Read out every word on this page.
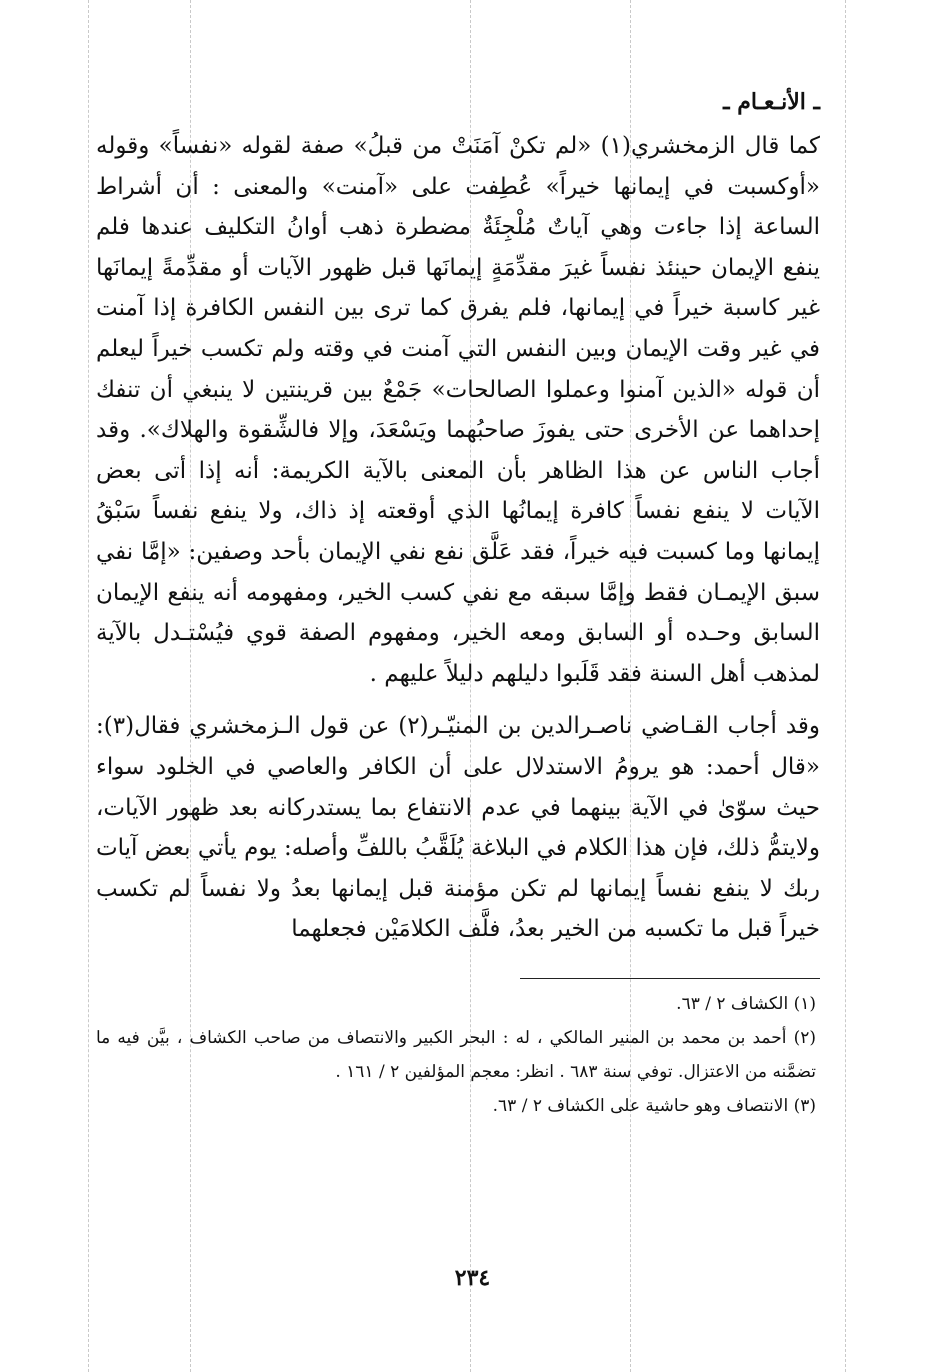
ـ الأنـعـام ـ

كما قال الزمخشري(١) «لم تكنْ آمَنَتْ من قبلُ» صفة لقوله «نفساً» وقوله «أوكسبت في إيمانها خيراً» عُطِفت على «آمنت» والمعنى : أن أشراط الساعة إذا جاءت وهي آياتٌ مُلْجِئَةٌ مضطرة ذهب أوانُ التكليف عندها فلم ينفع الإيمان حينئذ نفساً غيرَ مقدِّمَةٍ إيمانَها قبل ظهور الآيات أو مقدِّمةً إيمانَها غير كاسبة خيراً في إيمانها، فلم يفرق كما ترى بين النفس الكافرة إذا آمنت في غير وقت الإيمان وبين النفس التي آمنت في وقته ولم تكسب خيراً ليعلم أن قوله «الذين آمنوا وعملوا الصالحات» جَمْعٌ بين قرينتين لا ينبغي أن تنفك إحداهما عن الأخرى حتى يفوزَ صاحبُهما ويَسْعَدَ، وإلا فالشِّقوة والهلاك». وقد أجاب الناس عن هذا الظاهر بأن المعنى بالآية الكريمة: أنه إذا أتى بعض الآيات لا ينفع نفساً كافرة إيمانُها الذي أوقعته إذ ذاك، ولا ينفع نفساً سَبْقُ إيمانها وما كسبت فيه خيراً، فقد عَلَّق نفع نفي الإيمان بأحد وصفين: «إمَّا نفي سبق الإيمـان فقط وإمَّا سبقه مع نفي كسب الخير، ومفهومه أنه ينفع الإيمان السابق وحـده أو السابق ومعه الخير، ومفهوم الصفة قوي فيُسْتـدل بالآية لمذهب أهل السنة فقد قَلَبوا دليلهم دليلاً عليهم .

وقد أجاب القـاضي ناصـرالدين بن المنيّـر(٢) عن قول الـزمخشري فقال(٣): «قال أحمد: هو يرومُ الاستدلال على أن الكافر والعاصي في الخلود سواء حيث سوّىٰ في الآية بينهما في عدم الانتفاع بما يستدركانه بعد ظهور الآيات، ولايتمُّ ذلك، فإن هذا الكلام في البلاغة يُلَقَّبُ باللفِّ وأصله: يوم يأتي بعض آيات ربك لا ينفع نفساً إيمانها لم تكن مؤمنة قبل إيمانها بعدُ ولا نفساً لم تكسب خيراً قبل ما تكسبه من الخير بعدُ، فلَّف الكلامَيْن فجعلهما

(١) الكشاف ٢ / ٦٣.

(٢) أحمد بن محمد بن المنير المالكي ، له : البحر الكبير والانتصاف من صاحب الكشاف ، بيَّن فيه ما تضمَّنه من الاعتزال. توفي سنة ٦٨٣ . انظر: معجم المؤلفين ٢ / ١٦١ .

(٣) الانتصاف وهو حاشية على الكشاف ٢ / ٦٣.

٢٣٤
